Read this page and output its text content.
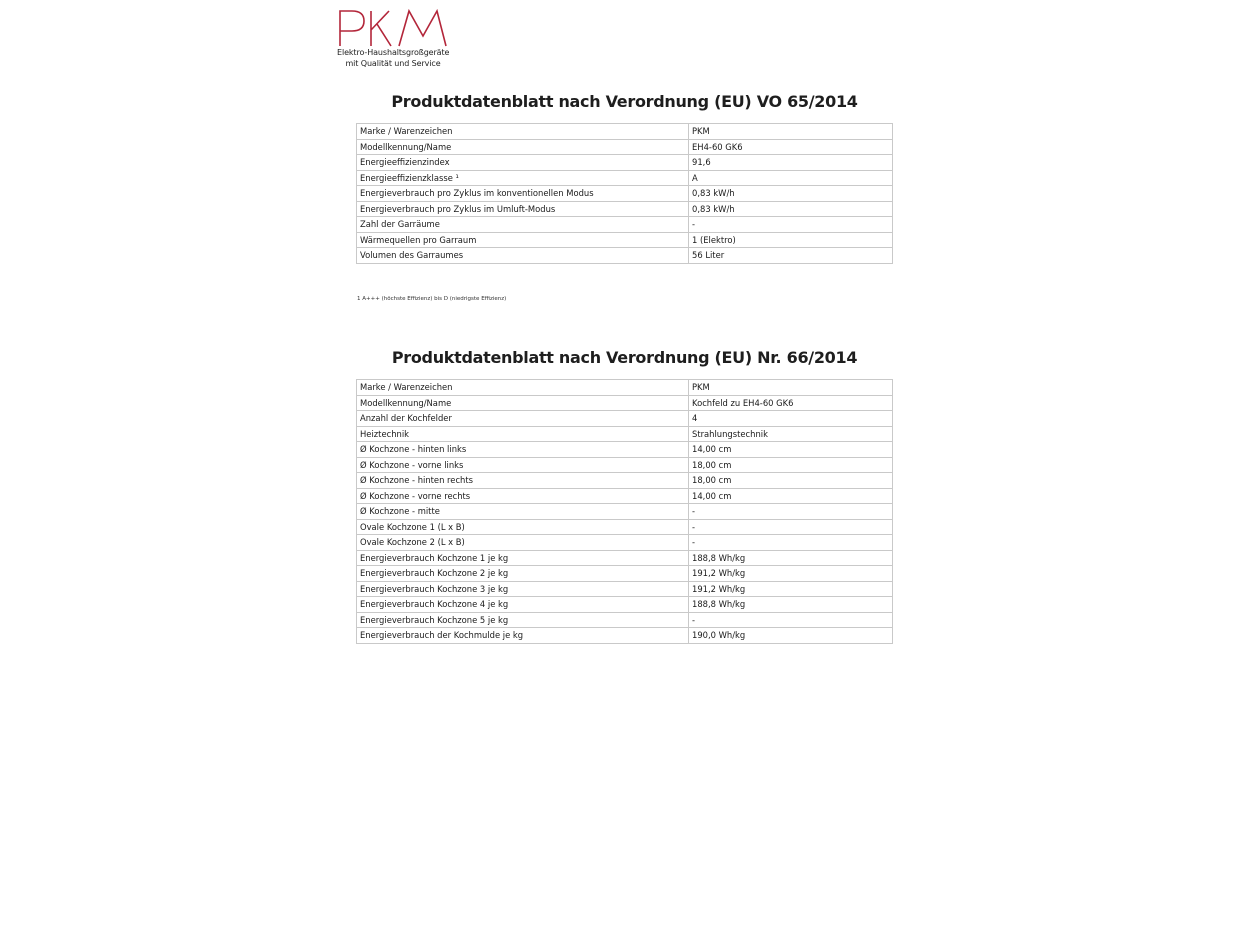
Elektro-Haushaltsgroßgeräte
mit Qualität und Service
Produktdatenblatt nach Verordnung (EU) VO 65/2014
Marke / Warenzeichen	PKM
Modellkennung/Name	EH4-60 GK6
Energieeffizienzindex	91,6
Energieeffizienzklasse ¹	A
Energieverbrauch pro Zyklus im konventionellen Modus	0,83 kW/h
Energieverbrauch pro Zyklus im Umluft-Modus	0,83 kW/h
Zahl der Garräume	-
Wärmequellen pro Garraum	1 (Elektro)
Volumen des Garraumes	56 Liter
1 A+++ (höchste Effizienz) bis D (niedrigste Effizienz)
Produktdatenblatt nach Verordnung (EU) Nr. 66/2014
Marke / Warenzeichen	PKM
Modellkennung/Name	Kochfeld zu EH4-60 GK6
Anzahl der Kochfelder	4
Heiztechnik	Strahlungstechnik
Ø Kochzone - hinten links	14,00 cm
Ø Kochzone - vorne links	18,00 cm
Ø Kochzone - hinten rechts	18,00 cm
Ø Kochzone - vorne rechts	14,00 cm
Ø Kochzone - mitte	-
Ovale Kochzone 1 (L x B)	-
Ovale Kochzone 2 (L x B)	-
Energieverbrauch Kochzone 1 je kg	188,8 Wh/kg
Energieverbrauch Kochzone 2 je kg	191,2 Wh/kg
Energieverbrauch Kochzone 3 je kg	191,2 Wh/kg
Energieverbrauch Kochzone 4 je kg	188,8 Wh/kg
Energieverbrauch Kochzone 5 je kg	-
Energieverbrauch der Kochmulde je kg	190,0 Wh/kg
